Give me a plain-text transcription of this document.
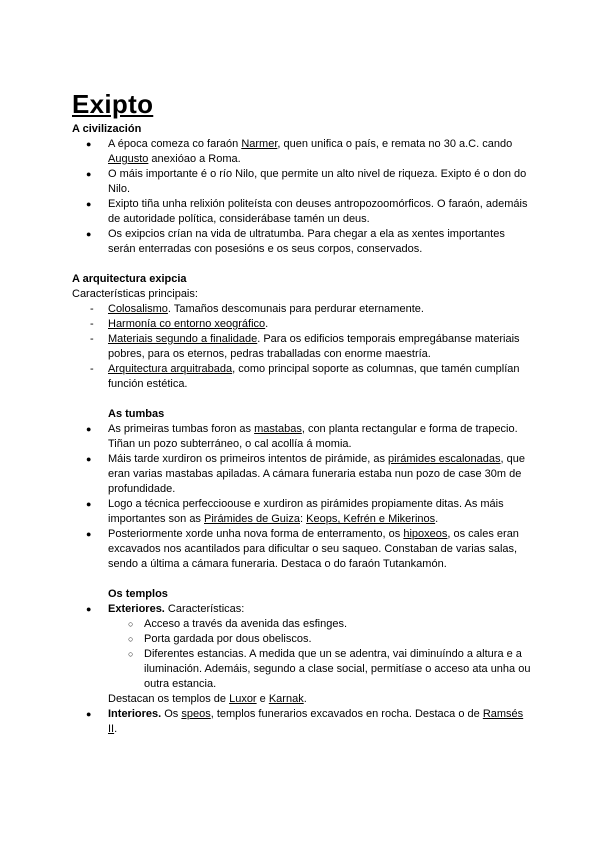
Exipto
A civilización
● A época comeza co faraón Narmer, quen unifica o país, e remata no 30 a.C. cando Augusto anexióao a Roma.
● O máis importante é o río Nilo, que permite un alto nivel de riqueza. Exipto é o don do Nilo.
● Exipto tiña unha relixión politeísta con deuses antropozoomórficos. O faraón, ademáis de autoridade política, considerábase tamén un deus.
● Os exipcios crían na vida de ultratumba. Para chegar a ela as xentes importantes serán enterradas con posesións e os seus corpos, conservados.
A arquitectura exipcia
Características principais:
- Colosalismo. Tamaños descomunais para perdurar eternamente.
- Harmonía co entorno xeográfico.
- Materiais segundo a finalidade. Para os edificios temporais empregábanse materiais pobres, para os eternos, pedras traballadas con enorme maestría.
- Arquitectura arquitrabada, como principal soporte as columnas, que tamén cumplían función estética.
As tumbas
● As primeiras tumbas foron as mastabas, con planta rectangular e forma de trapecio. Tiñan un pozo subterráneo, o cal acollía á momia.
● Máis tarde xurdiron os primeiros intentos de pirámide, as pirámides escalonadas, que eran varias mastabas apiladas. A cámara funeraria estaba nun pozo de case 30m de profundidade.
● Logo a técnica perfeccioouse e xurdiron as pirámides propiamente ditas. As máis importantes son as Pirámides de Guiza: Keops, Kefrén e Mikerinos.
● Posteriormente xorde unha nova forma de enterramento, os hipoxeos, os cales eran excavados nos acantilados para dificultar o seu saqueo. Constaban de varias salas, sendo a última a cámara funeraria. Destaca o do faraón Tutankamón.
Os templos
● Exteriores. Características:
○ Acceso a través da avenida das esfinges.
○ Porta gardada por dous obeliscos.
○ Diferentes estancias. A medida que un se adentra, vai diminuíndo a altura e a iluminación. Ademáis, segundo a clase social, permitíase o acceso ata unha ou outra estancia.
Destacan os templos de Luxor e Karnak.
● Interiores. Os speos, templos funerarios excavados en rocha. Destaca o de Ramsés II.
